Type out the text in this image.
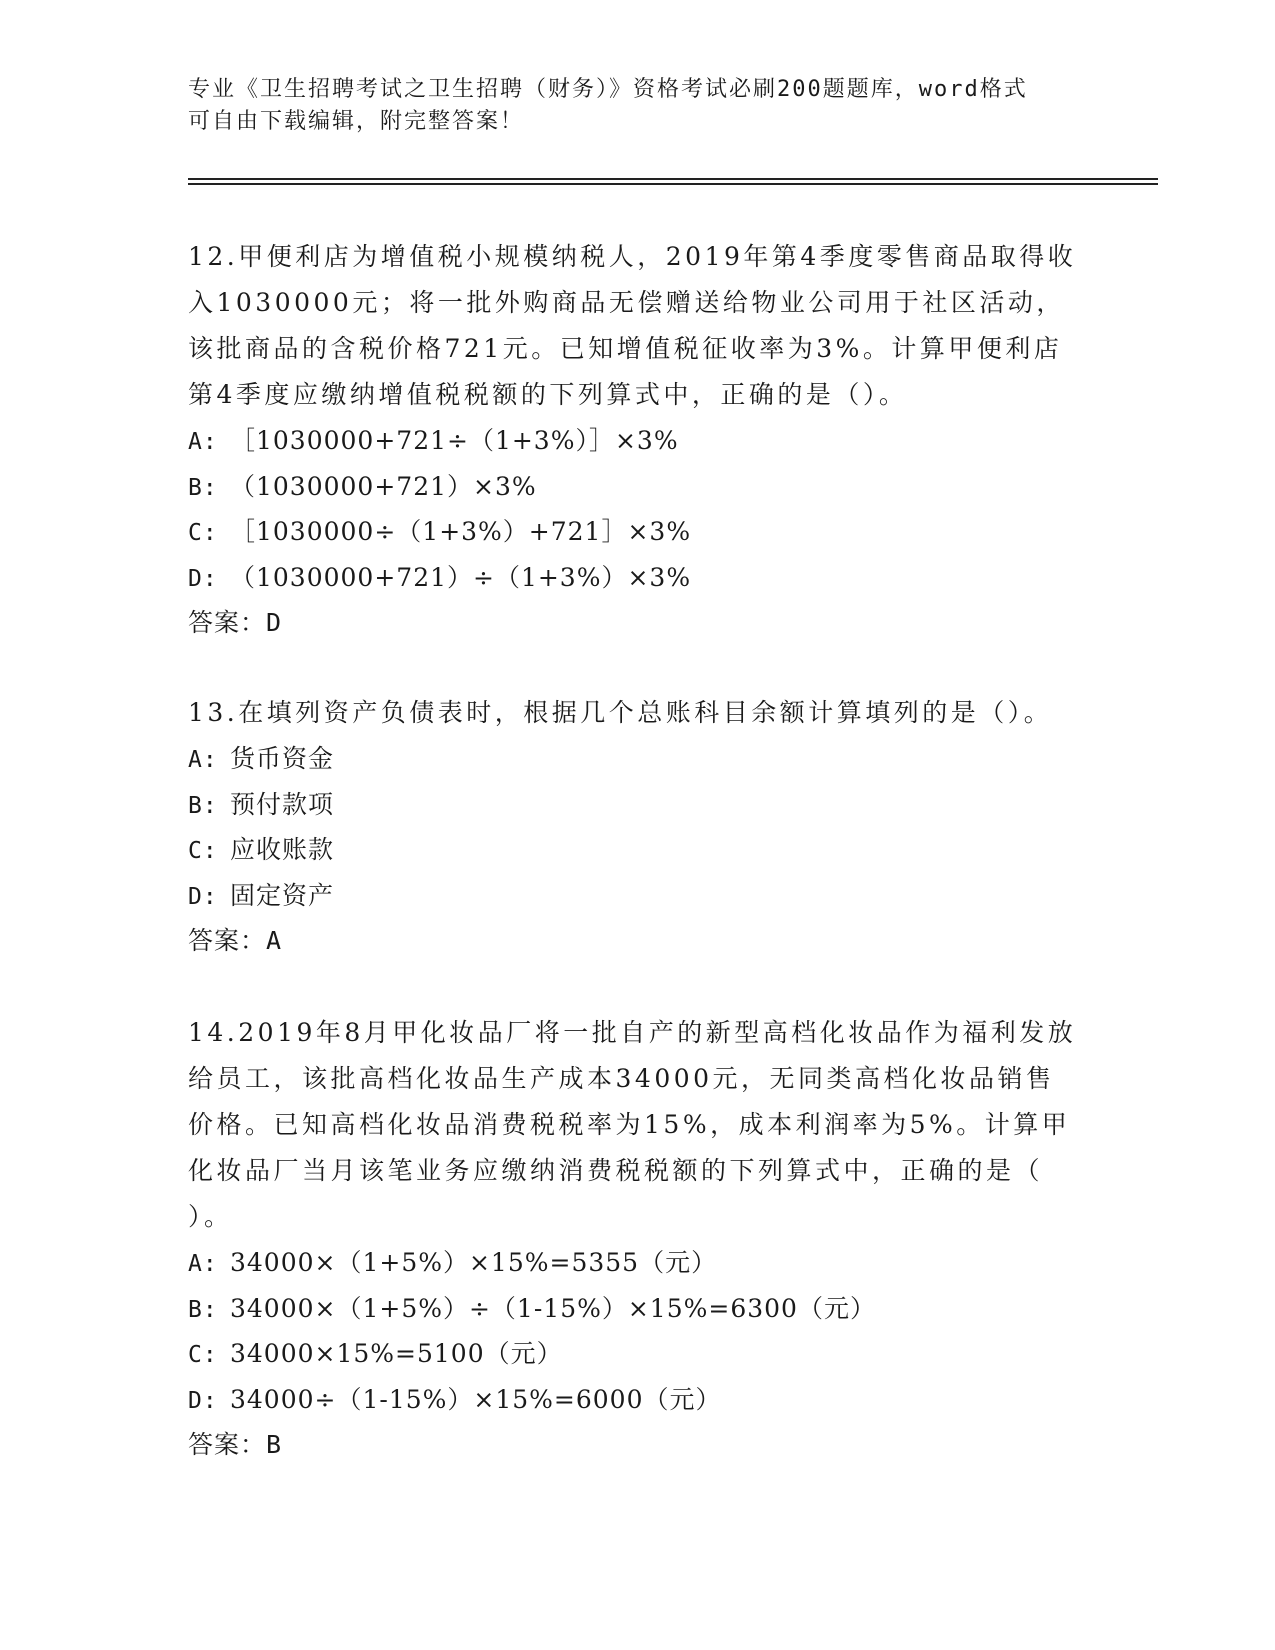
专业《卫生招聘考试之卫生招聘（财务）》资格考试必刷200题题库，word格式
可自由下载编辑，附完整答案！
12.甲便利店为增值税小规模纳税人，2019年第4季度零售商品取得收
入1030000元；将一批外购商品无偿赠送给物业公司用于社区活动，
该批商品的含税价格721元。已知增值税征收率为3%。计算甲便利店
第4季度应缴纳增值税税额的下列算式中，正确的是（）。
A: ［1030000+721÷（1+3%）］×3%
B: （1030000+721）×3%
C: ［1030000÷（1+3%）+721］×3%
D: （1030000+721）÷（1+3%）×3%
答案：D
13.在填列资产负债表时，根据几个总账科目余额计算填列的是（）。
A: 货币资金
B: 预付款项
C: 应收账款
D: 固定资产
答案：A
14.2019年8月甲化妆品厂将一批自产的新型高档化妆品作为福利发放
给员工，该批高档化妆品生产成本34000元，无同类高档化妆品销售
价格。已知高档化妆品消费税税率为15%，成本利润率为5%。计算甲
化妆品厂当月该笔业务应缴纳消费税税额的下列算式中，正确的是（
）。
A: 34000×（1+5%）×15%=5355（元）
B: 34000×（1+5%）÷（1-15%）×15%=6300（元）
C: 34000×15%=5100（元）
D: 34000÷（1-15%）×15%=6000（元）
答案：B
